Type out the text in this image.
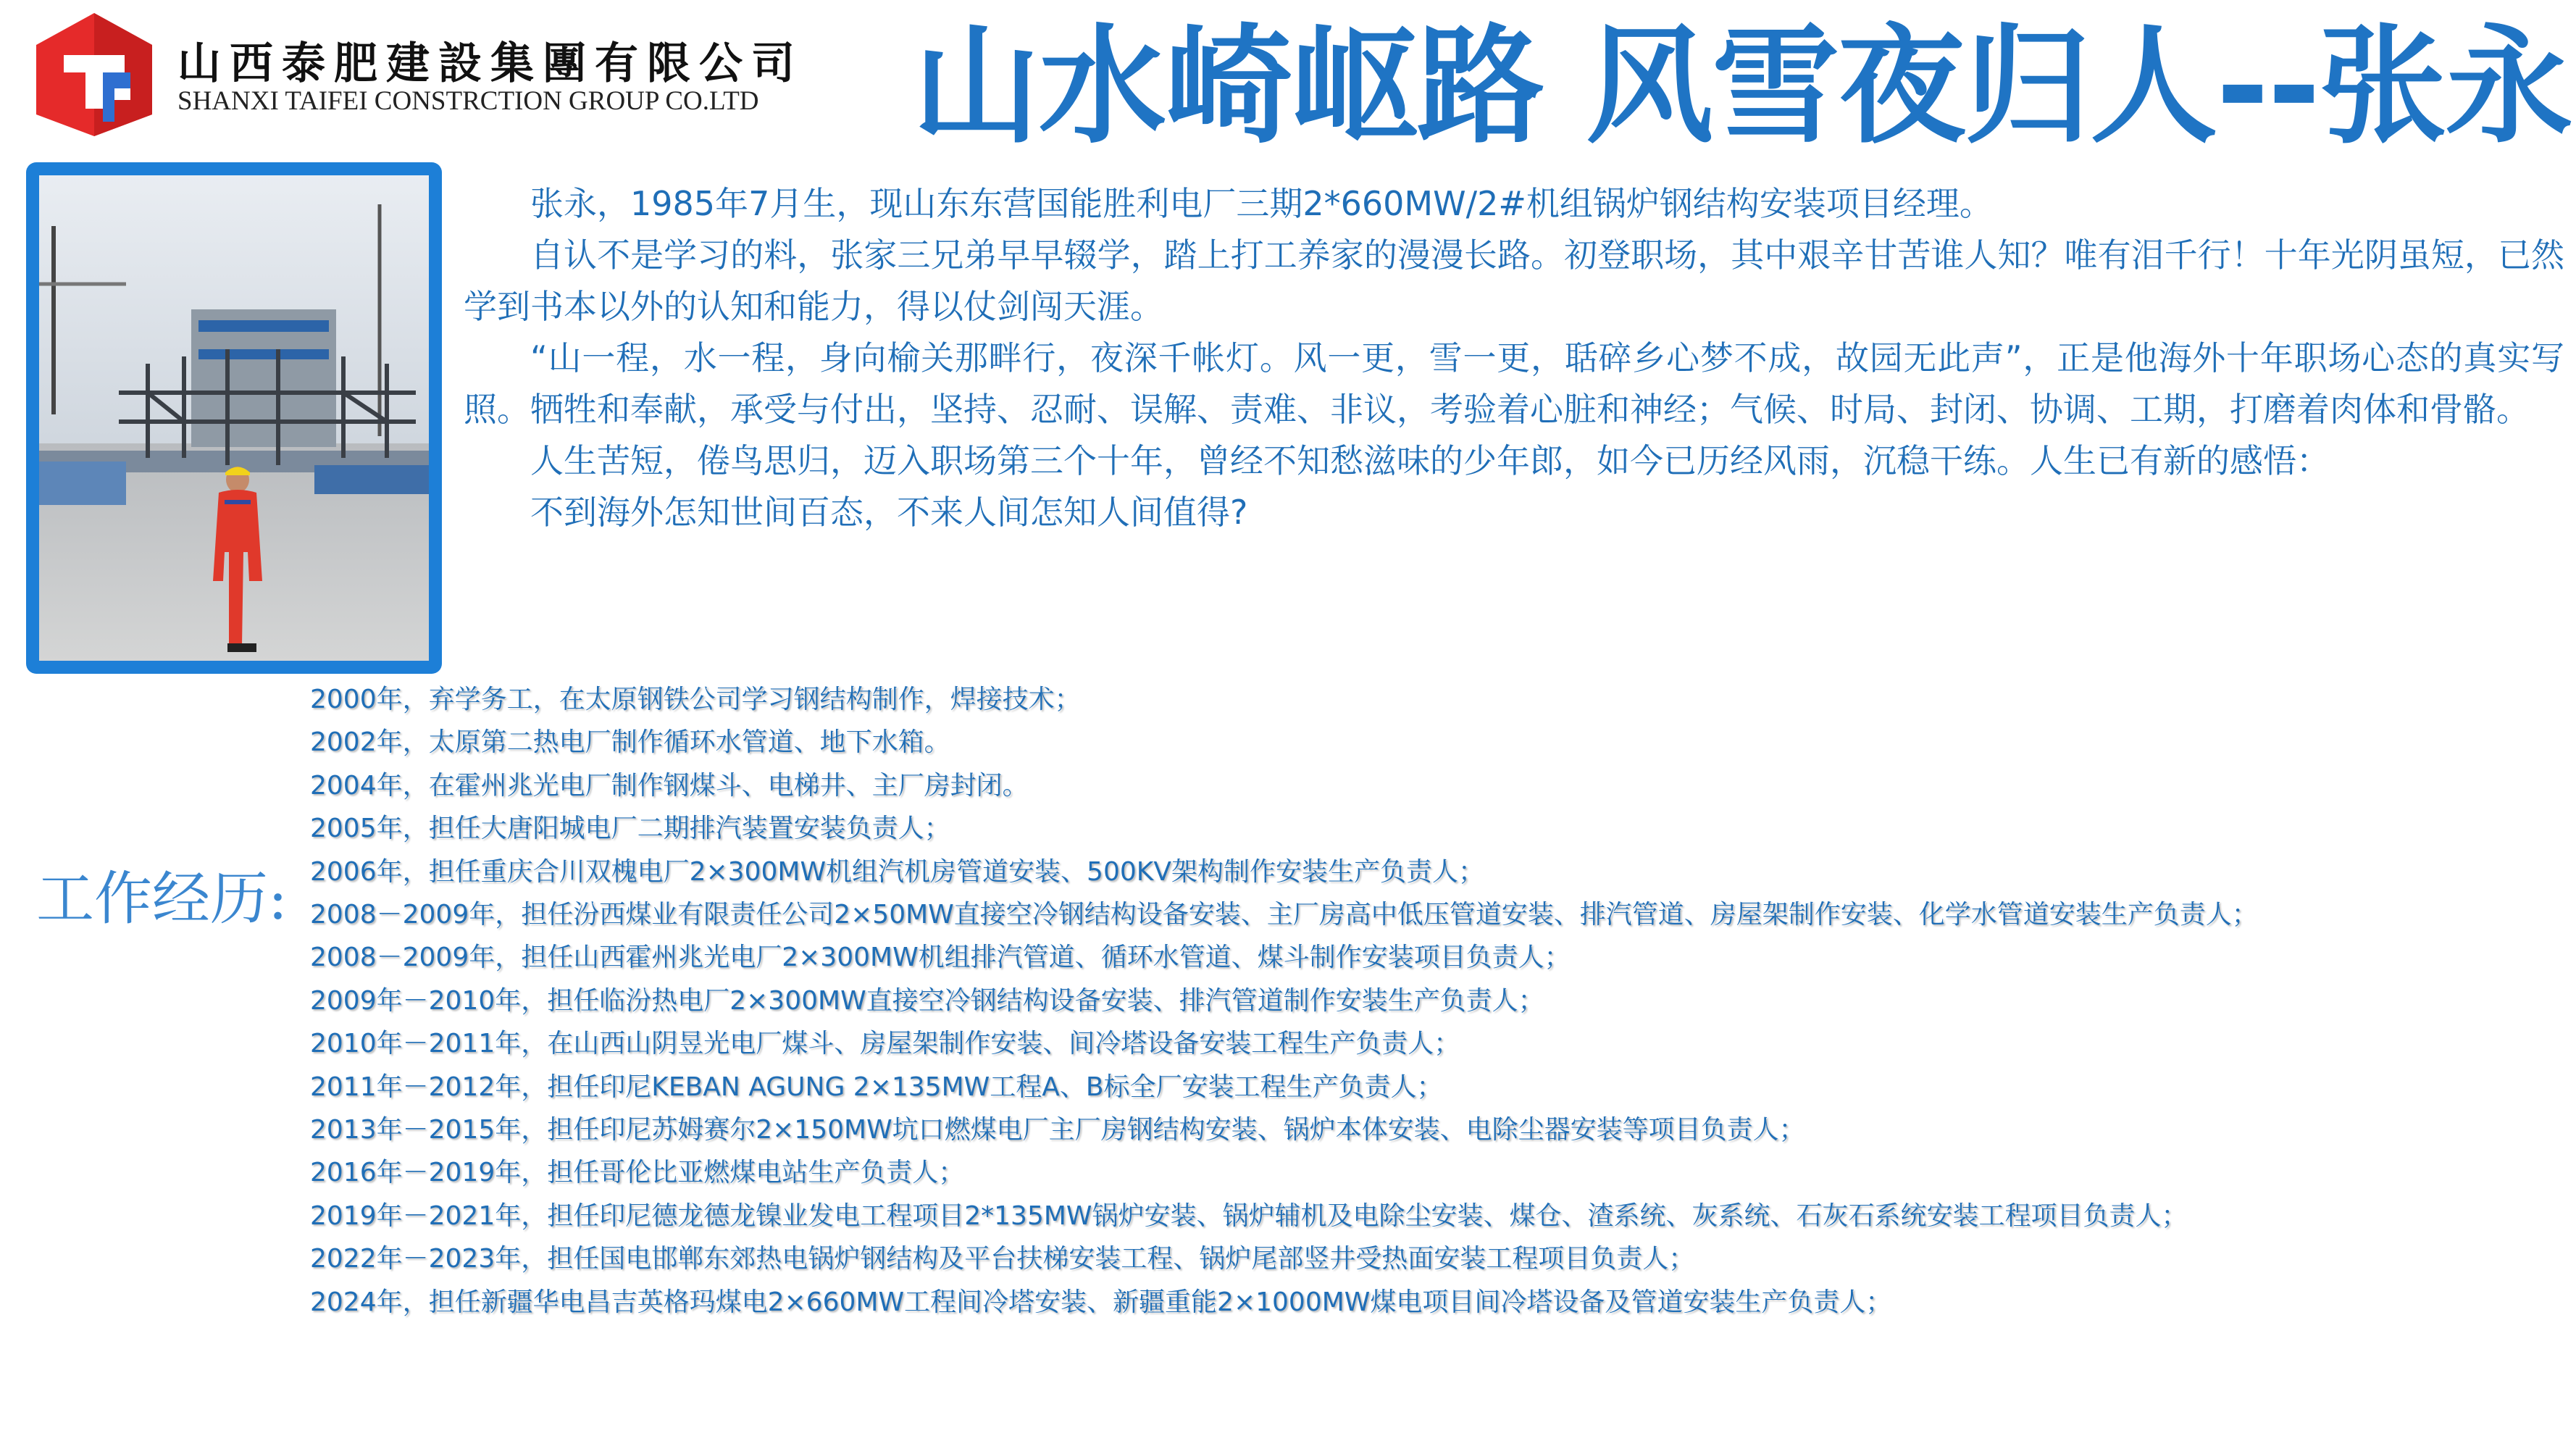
山西泰肥建設集團有限公司
SHANXI TAIFEI CONSTRCTION GROUP CO.LTD 山水崎岖路 风雪夜归人--张永

张永，1985年7月生，现山东东营国能胜利电厂三期2*660MW/2#机组锅炉钢结构安装项目经理。

自认不是学习的料，张家三兄弟早早辍学，踏上打工养家的漫漫长路。初登职场，其中艰辛甘苦谁人知？唯有泪千行！十年光阴虽短，已然学到书本以外的认知和能力，得以仗剑闯天涯。

“山一程，水一程，身向榆关那畔行，夜深千帐灯。风一更，雪一更，聒碎乡心梦不成，故园无此声”，正是他海外十年职场心态的真实写照。牺牲和奉献，承受与付出，坚持、忍耐、误解、责难、非议，考验着心脏和神经；气候、时局、封闭、协调、工期，打磨着肉体和骨骼。

人生苦短，倦鸟思归，迈入职场第三个十年，曾经不知愁滋味的少年郎，如今已历经风雨，沉稳干练。人生已有新的感悟：

不到海外怎知世间百态，不来人间怎知人间值得?

工作经历:
2000年，弃学务工，在太原钢铁公司学习钢结构制作，焊接技术；
2002年，太原第二热电厂制作循环水管道、地下水箱。
2004年，在霍州兆光电厂制作钢煤斗、电梯井、主厂房封闭。
2005年，担任大唐阳城电厂二期排汽装置安装负责人；
2006年，担任重庆合川双槐电厂2×300MW机组汽机房管道安装、500KV架构制作安装生产负责人；
2008－2009年，担任汾西煤业有限责任公司2×50MW直接空冷钢结构设备安装、主厂房高中低压管道安装、排汽管道、房屋架制作安装、化学水管道安装生产负责人；
2008－2009年，担任山西霍州兆光电厂2×300MW机组排汽管道、循环水管道、煤斗制作安装项目负责人；
2009年－2010年，担任临汾热电厂2×300MW直接空冷钢结构设备安装、排汽管道制作安装生产负责人；
2010年－2011年，在山西山阴昱光电厂煤斗、房屋架制作安装、间冷塔设备安装工程生产负责人；
2011年－2012年，担任印尼KEBAN AGUNG 2×135MW工程A、B标全厂安装工程生产负责人；
2013年－2015年，担任印尼苏姆赛尔2×150MW坑口燃煤电厂主厂房钢结构安装、锅炉本体安装、电除尘器安装等项目负责人；
2016年－2019年，担任哥伦比亚燃煤电站生产负责人；
2019年－2021年，担任印尼德龙德龙镍业发电工程项目2*135MW锅炉安装、锅炉辅机及电除尘安装、煤仓、渣系统、灰系统、石灰石系统安装工程项目负责人；
2022年－2023年，担任国电邯郸东郊热电锅炉钢结构及平台扶梯安装工程、锅炉尾部竖井受热面安装工程项目负责人；
2024年，担任新疆华电昌吉英格玛煤电2×660MW工程间冷塔安装、新疆重能2×1000MW煤电项目间冷塔设备及管道安装生产负责人；
